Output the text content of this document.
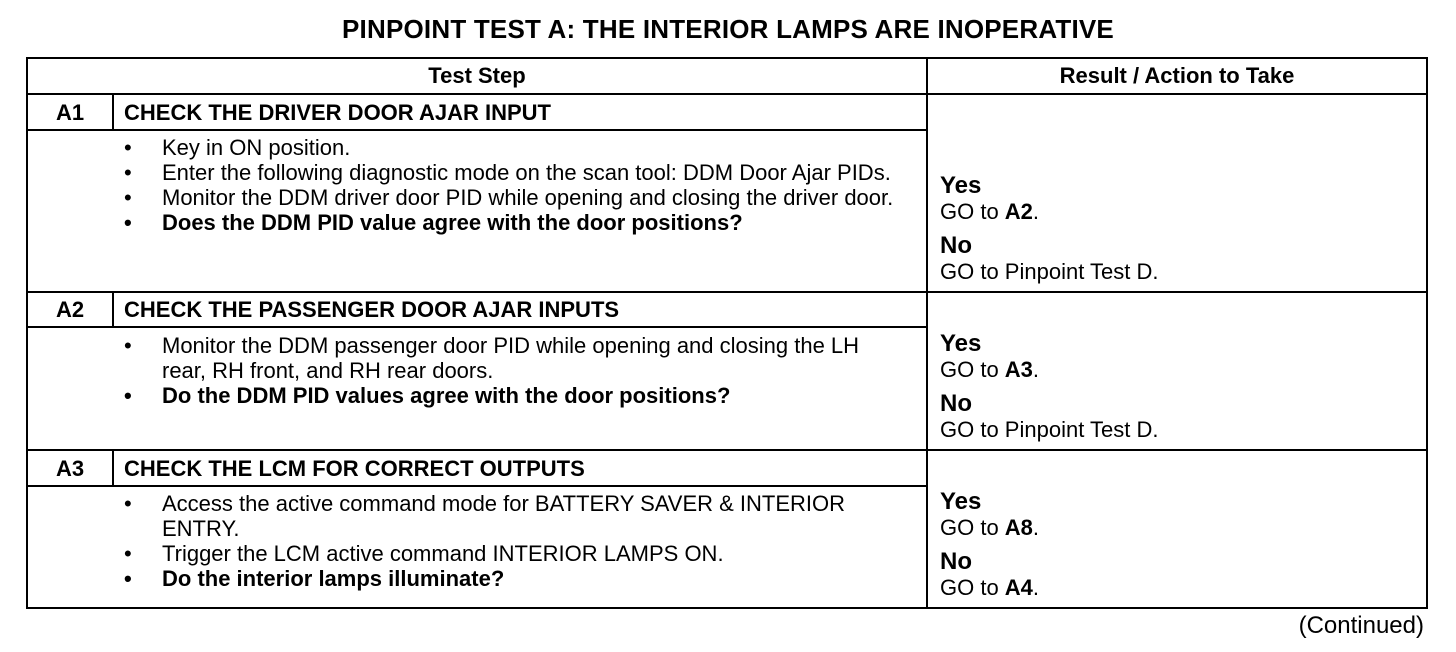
PINPOINT TEST A: THE INTERIOR LAMPS ARE INOPERATIVE
Test Step	Result / Action to Take
A1	CHECK THE DRIVER DOOR AJAR INPUT
• Key in ON position.
• Enter the following diagnostic mode on the scan tool: DDM Door Ajar PIDs.
• Monitor the DDM driver door PID while opening and closing the driver door.
• Does the DDM PID value agree with the door positions?
Yes
GO to A2.
No
GO to Pinpoint Test D.
A2	CHECK THE PASSENGER DOOR AJAR INPUTS
• Monitor the DDM passenger door PID while opening and closing the LH rear, RH front, and RH rear doors.
• Do the DDM PID values agree with the door positions?
Yes
GO to A3.
No
GO to Pinpoint Test D.
A3	CHECK THE LCM FOR CORRECT OUTPUTS
• Access the active command mode for BATTERY SAVER & INTERIOR ENTRY.
• Trigger the LCM active command INTERIOR LAMPS ON.
• Do the interior lamps illuminate?
Yes
GO to A8.
No
GO to A4.
(Continued)
